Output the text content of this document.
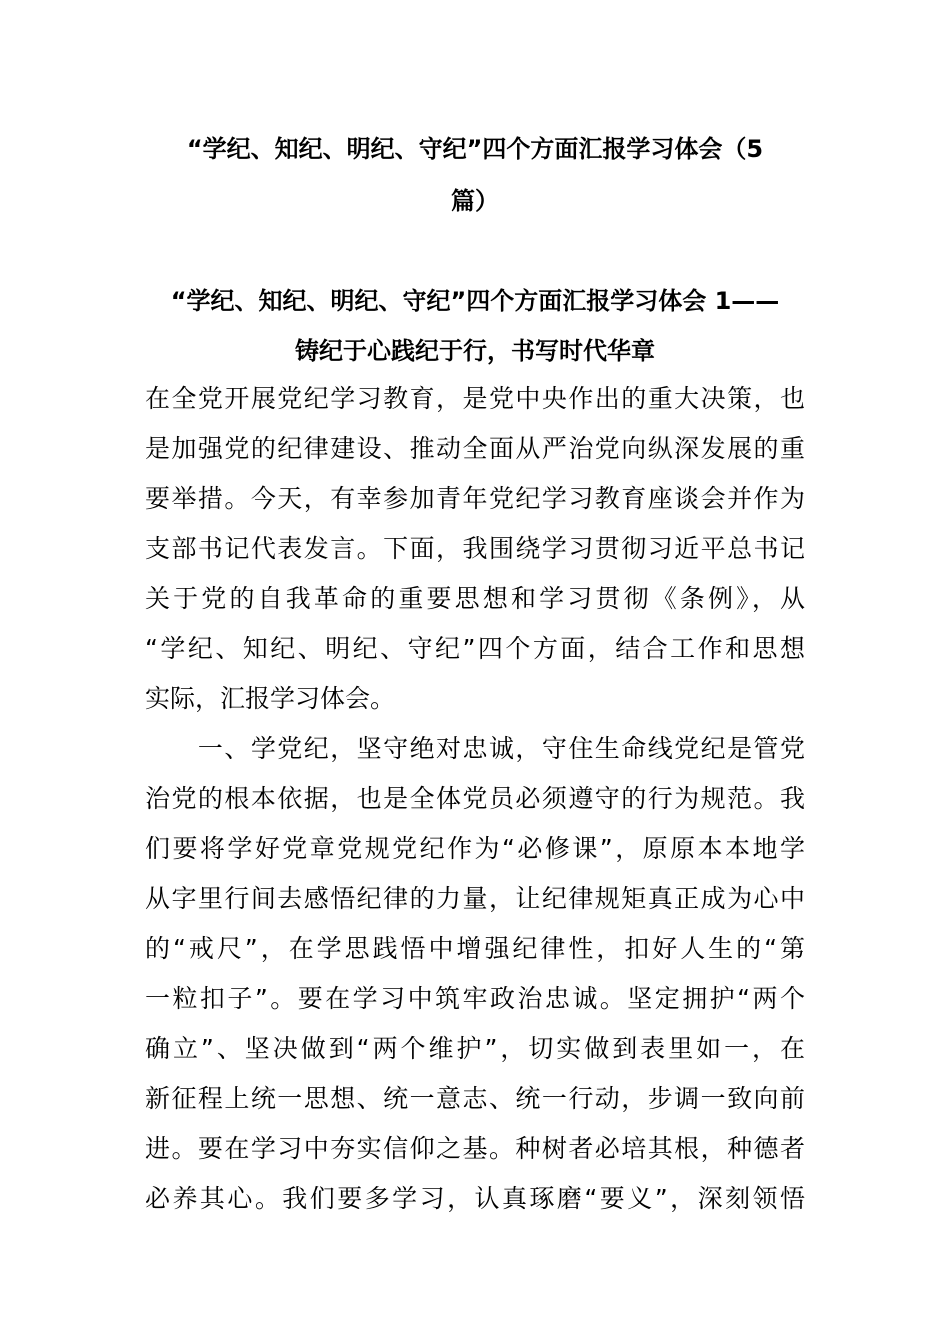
“学纪、知纪、明纪、守纪”四个方面汇报学习体会（5
篇）
“学纪、知纪、明纪、守纪”四个方面汇报学习体会 1——
铸纪于心践纪于行，书写时代华章
在全党开展党纪学习教育，是党中央作出的重大决策，也
是加强党的纪律建设、推动全面从严治党向纵深发展的重
要举措。今天，有幸参加青年党纪学习教育座谈会并作为
支部书记代表发言。下面，我围绕学习贯彻习近平总书记
关于党的自我革命的重要思想和学习贯彻《条例》，从
“学纪、知纪、明纪、守纪”四个方面，结合工作和思想
实际，汇报学习体会。
　　一、学党纪，坚守绝对忠诚，守住生命线党纪是管党
治党的根本依据，也是全体党员必须遵守的行为规范。我
们要将学好党章党规党纪作为“必修课”，原原本本地学
从字里行间去感悟纪律的力量，让纪律规矩真正成为心中
的“戒尺”，在学思践悟中增强纪律性，扣好人生的“第
一粒扣子”。要在学习中筑牢政治忠诚。坚定拥护“两个
确立”、坚决做到“两个维护”，切实做到表里如一，在
新征程上统一思想、统一意志、统一行动，步调一致向前
进。要在学习中夯实信仰之基。种树者必培其根，种德者
必养其心。我们要多学习，认真琢磨“要义”，深刻领悟
